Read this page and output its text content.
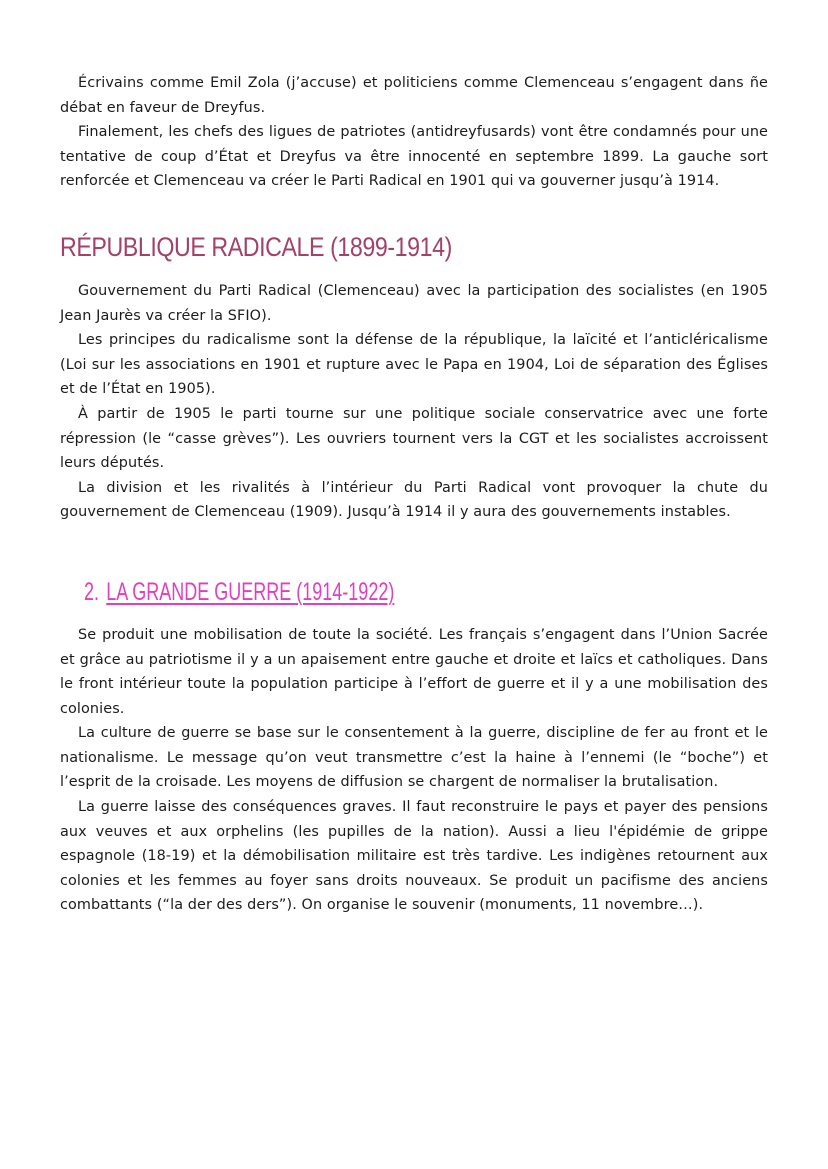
Écrivains comme Emil Zola (j’accuse) et politiciens comme Clemenceau s’engagent dans ñe débat en faveur de Dreyfus.

Finalement, les chefs des ligues de patriotes (antidreyfusards) vont être condamnés pour une tentative de coup d’État et Dreyfus va être innocenté en septembre 1899. La gauche sort renforcée et Clemenceau va créer le Parti Radical en 1901 qui va gouverner jusqu’à 1914.

RÉPUBLIQUE RADICALE (1899-1914)

Gouvernement du Parti Radical (Clemenceau) avec la participation des socialistes (en 1905 Jean Jaurès va créer la SFIO).

Les principes du radicalisme sont la défense de la république, la laïcité et l’anticléricalisme (Loi sur les associations en 1901 et rupture avec le Papa en 1904, Loi de séparation des Églises et de l’État en 1905).

À partir de 1905 le parti tourne sur une politique sociale conservatrice avec une forte répression (le “casse grèves”). Les ouvriers tournent vers la CGT et les socialistes accroissent leurs députés.

La division et les rivalités à l’intérieur du Parti Radical vont provoquer la chute du gouvernement de Clemenceau (1909). Jusqu’à 1914 il y aura des gouvernements instables.

2. LA GRANDE GUERRE (1914-1922)

Se produit une mobilisation de toute la société. Les français s’engagent dans l’Union Sacrée et grâce au patriotisme il y a un apaisement entre gauche et droite et laïcs et catholiques. Dans le front intérieur toute la population participe à l’effort de guerre et il y a une mobilisation des colonies.

La culture de guerre se base sur le consentement à la guerre, discipline de fer au front et le nationalisme. Le message qu’on veut transmettre c’est la haine à l’ennemi (le “boche”) et l’esprit de la croisade. Les moyens de diffusion se chargent de normaliser la brutalisation.

La guerre laisse des conséquences graves. Il faut reconstruire le pays et payer des pensions aux veuves et aux orphelins (les pupilles de la nation). Aussi a lieu l'épidémie de grippe espagnole (18-19) et la démobilisation militaire est très tardive. Les indigènes retournent aux colonies et les femmes au foyer sans droits nouveaux. Se produit un pacifisme des anciens combattants (“la der des ders”). On organise le souvenir (monuments, 11 novembre…).
